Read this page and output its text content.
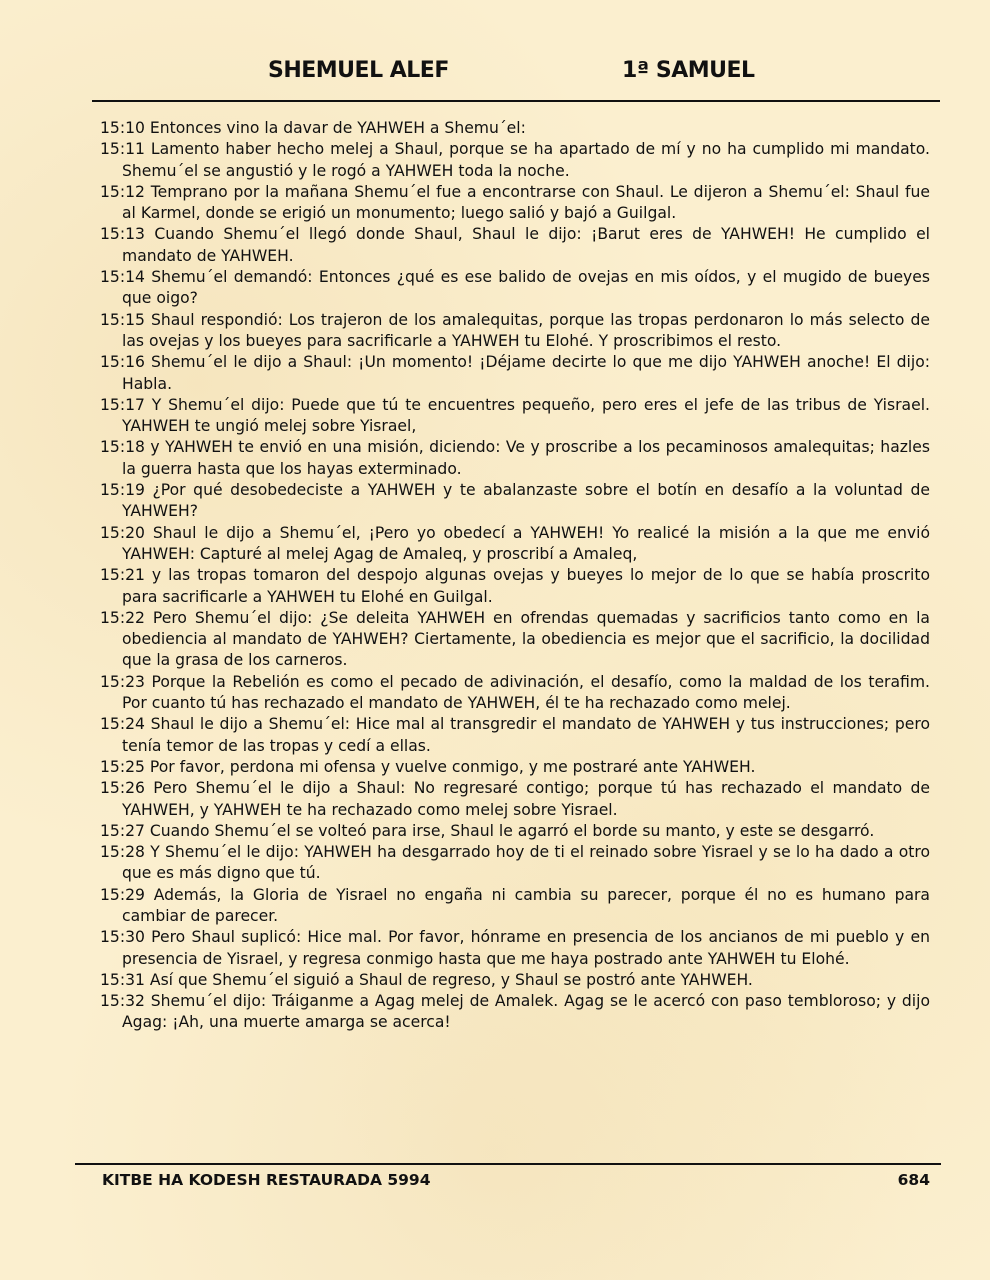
SHEMUEL ALEF	1ª SAMUEL

15:10 Entonces vino la davar de YAHWEH a Shemu´el:

15:11 Lamento haber hecho melej a Shaul, porque se ha apartado de mí y no ha cumplido mi mandato. Shemu´el se angustió y le rogó a YAHWEH toda la noche.

15:12 Temprano por la mañana Shemu´el fue a encontrarse con Shaul. Le dijeron a Shemu´el: Shaul fue al Karmel, donde se erigió un monumento; luego salió y bajó a Guilgal.

15:13 Cuando Shemu´el llegó donde Shaul, Shaul le dijo: ¡Barut eres de YAHWEH! He cumplido el mandato de YAHWEH.

15:14 Shemu´el demandó: Entonces ¿qué es ese balido de ovejas en mis oídos, y el mugido de bueyes que oigo?

15:15 Shaul respondió: Los trajeron de los amalequitas, porque las tropas perdonaron lo más selecto de las ovejas y los bueyes para sacrificarle a YAHWEH tu Elohé. Y proscribimos el resto.

15:16 Shemu´el le dijo a Shaul: ¡Un momento! ¡Déjame decirte lo que me dijo YAHWEH anoche! El dijo: Habla.

15:17 Y Shemu´el dijo: Puede que tú te encuentres pequeño, pero eres el jefe de las tribus de Yisrael. YAHWEH te ungió melej sobre Yisrael,

15:18 y YAHWEH te envió en una misión, diciendo: Ve y proscribe a los pecaminosos amalequitas; hazles la guerra hasta que los hayas exterminado.

15:19 ¿Por qué desobedeciste a YAHWEH y te abalanzaste sobre el botín en desafío a la voluntad de YAHWEH?

15:20 Shaul le dijo a Shemu´el, ¡Pero yo obedecí a YAHWEH! Yo realicé la misión a la que me envió YAHWEH: Capturé al melej Agag de Amaleq, y proscribí a Amaleq,

15:21 y las tropas tomaron del despojo algunas ovejas y bueyes lo mejor de lo que se había proscrito para sacrificarle a YAHWEH tu Elohé en Guilgal.

15:22 Pero Shemu´el dijo: ¿Se deleita YAHWEH en ofrendas quemadas y sacrificios tanto como en la obediencia al mandato de YAHWEH? Ciertamente, la obediencia es mejor que el sacrificio, la docilidad que la grasa de los carneros.

15:23 Porque la Rebelión es como el pecado de adivinación, el desafío, como la maldad de los terafim. Por cuanto tú has rechazado el mandato de YAHWEH, él te ha rechazado como melej.

15:24 Shaul le dijo a Shemu´el: Hice mal al transgredir el mandato de YAHWEH y tus instrucciones; pero tenía temor de las tropas y cedí a ellas.

15:25 Por favor, perdona mi ofensa y vuelve conmigo, y me postraré ante YAHWEH.

15:26 Pero Shemu´el le dijo a Shaul: No regresaré contigo; porque tú has rechazado el mandato de YAHWEH, y YAHWEH te ha rechazado como melej sobre Yisrael.

15:27 Cuando Shemu´el se volteó para irse, Shaul le agarró el borde su manto, y este se desgarró.

15:28 Y Shemu´el le dijo: YAHWEH ha desgarrado hoy de ti el reinado sobre Yisrael y se lo ha dado a otro que es más digno que tú.

15:29 Además, la Gloria de Yisrael no engaña ni cambia su parecer, porque él no es humano para cambiar de parecer.

15:30 Pero Shaul suplicó: Hice mal. Por favor, hónrame en presencia de los ancianos de mi pueblo y en presencia de Yisrael, y regresa conmigo hasta que me haya postrado ante YAHWEH tu Elohé.

15:31 Así que Shemu´el siguió a Shaul de regreso, y Shaul se postró ante YAHWEH.

15:32 Shemu´el dijo: Tráiganme a Agag melej de Amalek. Agag se le acercó con paso tembloroso; y dijo Agag: ¡Ah, una muerte amarga se acerca!

KITBE HA KODESH RESTAURADA 5994	684
